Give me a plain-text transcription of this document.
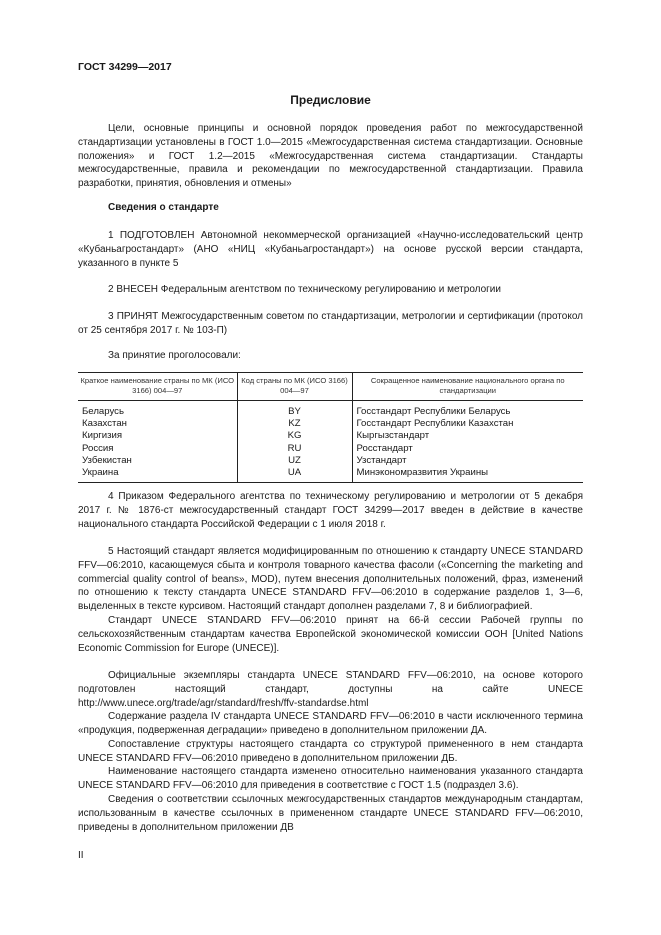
ГОСТ 34299—2017
Предисловие

Цели, основные принципы и основной порядок проведения работ по межгосударственной стандартизации установлены в ГОСТ 1.0—2015 «Межгосударственная система стандартизации. Основные положения» и ГОСТ 1.2—2015 «Межгосударственная система стандартизации. Стандарты межгосударственные, правила и рекомендации по межгосударственной стандартизации. Правила разработки, принятия, обновления и отмены»

Сведения о стандарте

1 ПОДГОТОВЛЕН Автономной некоммерческой организацией «Научно-исследовательский центр «Кубаньагростандарт» (АНО «НИЦ «Кубаньагростандарт») на основе русской версии стандарта, указанного в пункте 5

2 ВНЕСЕН Федеральным агентством по техническому регулированию и метрологии

3 ПРИНЯТ Межгосударственным советом по стандартизации, метрологии и сертификации (протокол от 25 сентября 2017 г. № 103-П)

За принятие проголосовали:
Краткое наименование страны по МК (ИСО 3166) 004—97	Код страны по МК (ИСО 3166) 004—97	Сокращенное наименование национального органа по стандартизации
Беларусь	BY	Госстандарт Республики Беларусь
Казахстан	KZ	Госстандарт Республики Казахстан
Киргизия	KG	Кыргызстандарт
Россия	RU	Росстандарт
Узбекистан	UZ	Узстандарт
Украина	UA	Минэкономразвития Украины

4 Приказом Федерального агентства по техническому регулированию и метрологии от 5 декабря 2017 г. № 1876-ст межгосударственный стандарт ГОСТ 34299—2017 введен в действие в качестве национального стандарта Российской Федерации с 1 июля 2018 г.

5 Настоящий стандарт является модифицированным по отношению к стандарту UNECE STANDARD FFV—06:2010, касающемуся сбыта и контроля товарного качества фасоли («Concerning the marketing and commercial quality control of beans», MOD), путем внесения дополнительных положений, фраз, изменений по отношению к тексту стандарта UNECE STANDARD FFV—06:2010 в содержание разделов 1, 3—6, выделенных в тексте курсивом. Настоящий стандарт дополнен разделами 7, 8 и библиографией.

Стандарт UNECE STANDARD FFV—06:2010 принят на 66-й сессии Рабочей группы по сельскохозяйственным стандартам качества Европейской экономической комиссии ООН [United Nations Economic Commission for Europe (UNECE)].

Официальные экземпляры стандарта UNECE STANDARD FFV—06:2010, на основе которого подготовлен настоящий стандарт, доступны на сайте UNECE http://www.unece.org/trade/agr/standard/fresh/ffv-standardse.html

Содержание раздела IV стандарта UNECE STANDARD FFV—06:2010 в части исключенного термина «продукция, подверженная деградации» приведено в дополнительном приложении ДА.

Сопоставление структуры настоящего стандарта со структурой примененного в нем стандарта UNECE STANDARD FFV—06:2010 приведено в дополнительном приложении ДБ.

Наименование настоящего стандарта изменено относительно наименования указанного стандарта UNECE STANDARD FFV—06:2010 для приведения в соответствие с ГОСТ 1.5 (подраздел 3.6).

Сведения о соответствии ссылочных межгосударственных стандартов международным стандартам, использованным в качестве ссылочных в примененном стандарте UNECE STANDARD FFV—06:2010, приведены в дополнительном приложении ДВ

II
